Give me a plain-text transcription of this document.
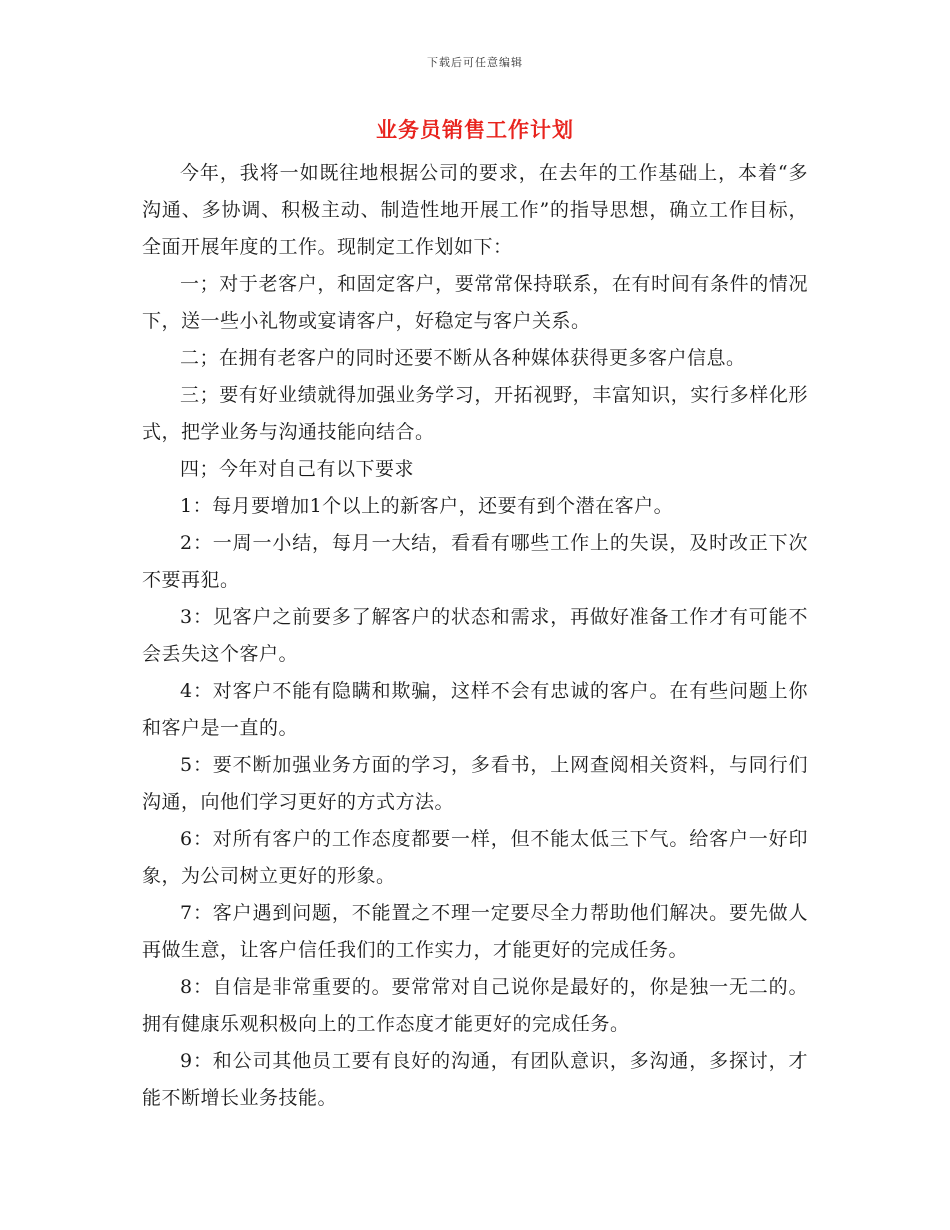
下载后可任意编辑
业务员销售工作计划

今年，我将一如既往地根据公司的要求，在去年的工作基础上，本着“多沟通、多协调、积极主动、制造性地开展工作”的指导思想，确立工作目标，全面开展年度的工作。现制定工作划如下：

一；对于老客户，和固定客户，要常常保持联系，在有时间有条件的情况下，送一些小礼物或宴请客户，好稳定与客户关系。

二；在拥有老客户的同时还要不断从各种媒体获得更多客户信息。

三；要有好业绩就得加强业务学习，开拓视野，丰富知识，实行多样化形式，把学业务与沟通技能向结合。

四；今年对自己有以下要求

1：每月要增加1个以上的新客户，还要有到个潜在客户。

2：一周一小结，每月一大结，看看有哪些工作上的失误，及时改正下次不要再犯。

3：见客户之前要多了解客户的状态和需求，再做好准备工作才有可能不会丢失这个客户。

4：对客户不能有隐瞒和欺骗，这样不会有忠诚的客户。在有些问题上你和客户是一直的。

5：要不断加强业务方面的学习，多看书，上网查阅相关资料，与同行们沟通，向他们学习更好的方式方法。

6：对所有客户的工作态度都要一样，但不能太低三下气。给客户一好印象，为公司树立更好的形象。

7：客户遇到问题，不能置之不理一定要尽全力帮助他们解决。要先做人再做生意，让客户信任我们的工作实力，才能更好的完成任务。

8：自信是非常重要的。要常常对自己说你是最好的，你是独一无二的。拥有健康乐观积极向上的工作态度才能更好的完成任务。

9：和公司其他员工要有良好的沟通，有团队意识，多沟通，多探讨，才能不断增长业务技能。
